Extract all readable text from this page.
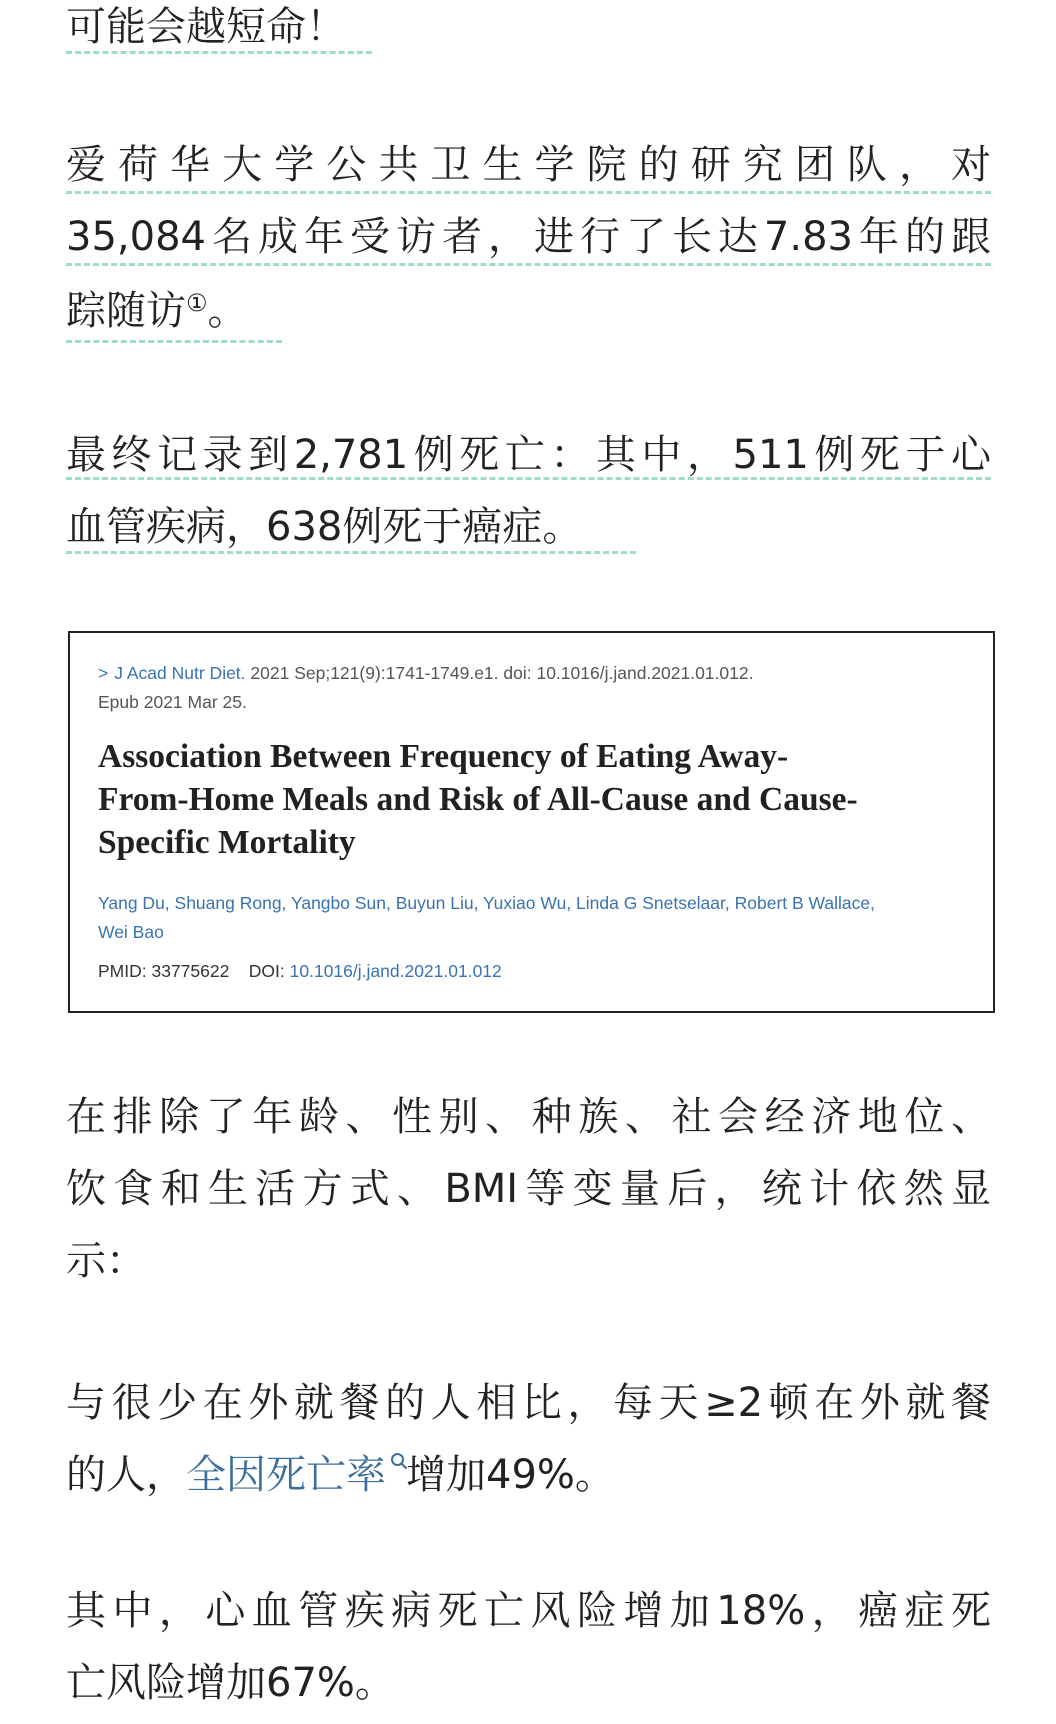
可能会越短命！
爱荷华大学公共卫生学院的研究团队，对
35,084名成年受访者，进行了长达7.83年的跟
踪随访①。
最终记录到2,781例死亡：其中，511例死于心
血管疾病，638例死于癌症。
> J Acad Nutr Diet. 2021 Sep;121(9):1741-1749.e1. doi: 10.1016/j.jand.2021.01.012.
Epub 2021 Mar 25.
Association Between Frequency of Eating Away-
From-Home Meals and Risk of All-Cause and Cause-
Specific Mortality
Yang Du, Shuang Rong, Yangbo Sun, Buyun Liu, Yuxiao Wu, Linda G Snetselaar, Robert B Wallace,
Wei Bao
PMID: 33775622 DOI: 10.1016/j.jand.2021.01.012
在排除了年龄、性别、种族、社会经济地位、
饮食和生活方式、BMI等变量后，统计依然显
示：
与很少在外就餐的人相比，每天≥2顿在外就餐
的人，全因死亡率 增加49%。
其中，心血管疾病死亡风险增加18%，癌症死
亡风险增加67%。
